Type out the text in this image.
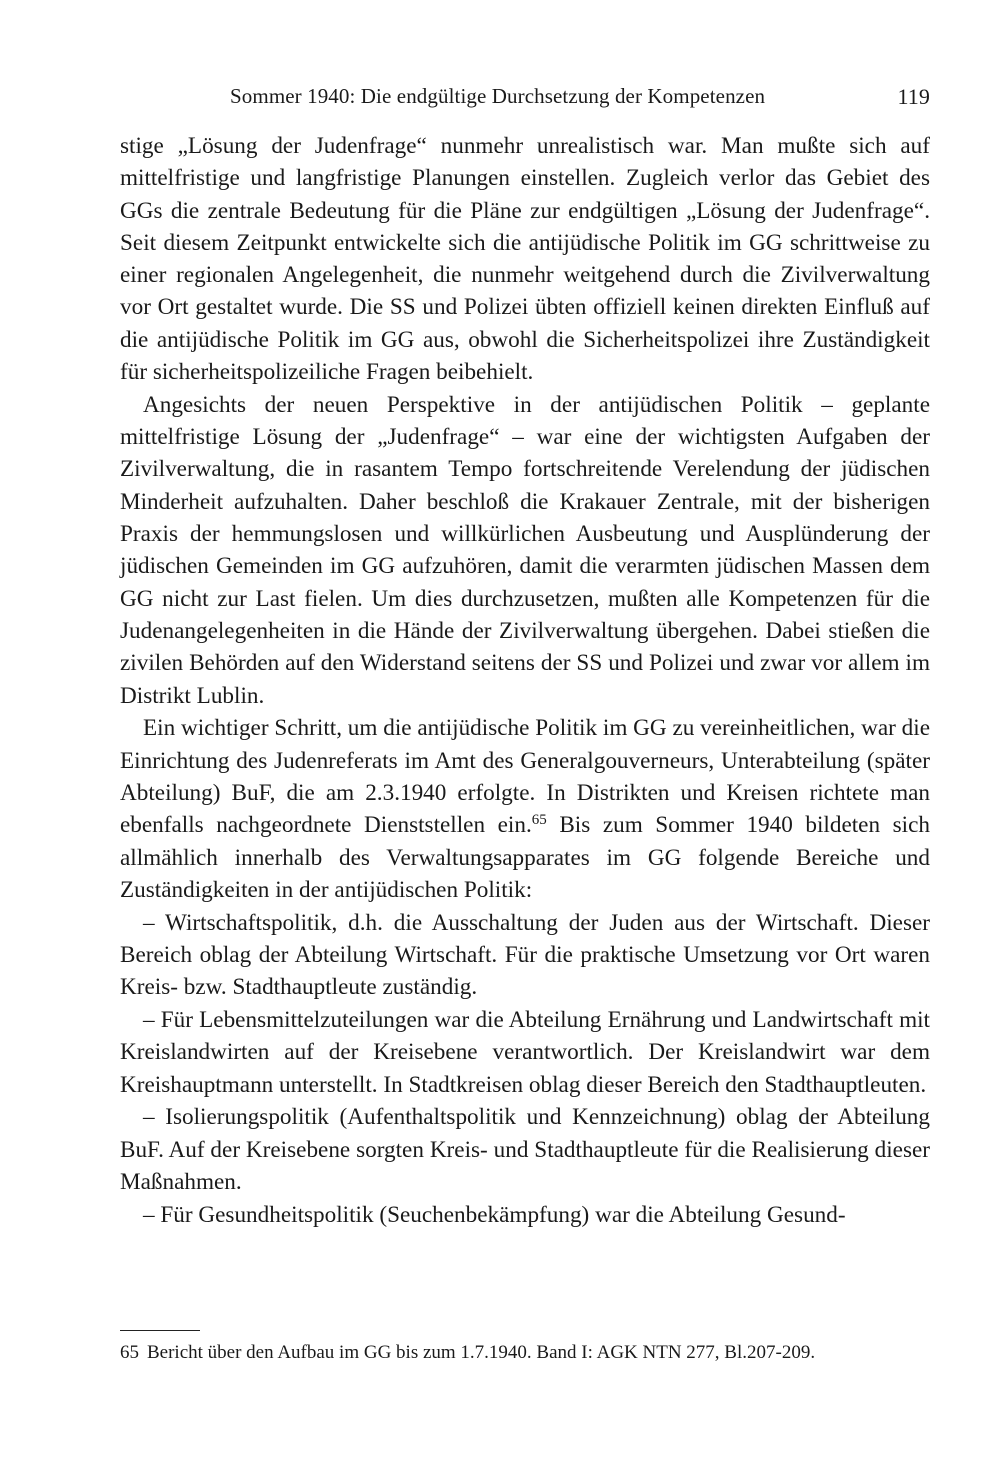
Sommer 1940: Die endgültige Durchsetzung der Kompetenzen	119

stige „Lösung der Judenfrage“ nunmehr unrealistisch war. Man mußte sich auf mittelfristige und langfristige Planungen einstellen. Zugleich verlor das Gebiet des GGs die zentrale Bedeutung für die Pläne zur endgültigen „Lösung der Judenfrage“. Seit diesem Zeitpunkt entwickelte sich die antijüdische Politik im GG schrittweise zu einer regionalen Angelegenheit, die nunmehr weitgehend durch die Zivilverwaltung vor Ort gestaltet wurde. Die SS und Polizei übten offiziell keinen direkten Einfluß auf die antijüdische Politik im GG aus, obwohl die Sicherheitspolizei ihre Zuständigkeit für sicherheitspolizeiliche Fragen beibehielt.

Angesichts der neuen Perspektive in der antijüdischen Politik – geplante mittelfristige Lösung der „Judenfrage“ – war eine der wichtigsten Aufgaben der Zivilverwaltung, die in rasantem Tempo fortschreitende Verelendung der jüdischen Minderheit aufzuhalten. Daher beschloß die Krakauer Zentrale, mit der bisherigen Praxis der hemmungslosen und willkürlichen Ausbeutung und Ausplünderung der jüdischen Gemeinden im GG aufzuhören, damit die verarmten jüdischen Massen dem GG nicht zur Last fielen. Um dies durchzusetzen, mußten alle Kompetenzen für die Judenangelegenheiten in die Hände der Zivilverwaltung übergehen. Dabei stießen die zivilen Behörden auf den Widerstand seitens der SS und Polizei und zwar vor allem im Distrikt Lublin.

Ein wichtiger Schritt, um die antijüdische Politik im GG zu vereinheitlichen, war die Einrichtung des Judenreferats im Amt des Generalgouverneurs, Unterabteilung (später Abteilung) BuF, die am 2.3.1940 erfolgte. In Distrikten und Kreisen richtete man ebenfalls nachgeordnete Dienststellen ein.$^{65}$ Bis zum Sommer 1940 bildeten sich allmählich innerhalb des Verwaltungsapparates im GG folgende Bereiche und Zuständigkeiten in der antijüdischen Politik:

– Wirtschaftspolitik, d.h. die Ausschaltung der Juden aus der Wirtschaft. Dieser Bereich oblag der Abteilung Wirtschaft. Für die praktische Umsetzung vor Ort waren Kreis- bzw. Stadthauptleute zuständig.

– Für Lebensmittelzuteilungen war die Abteilung Ernährung und Landwirtschaft mit Kreislandwirten auf der Kreisebene verantwortlich. Der Kreislandwirt war dem Kreishauptmann unterstellt. In Stadtkreisen oblag dieser Bereich den Stadthauptleuten.

– Isolierungspolitik (Aufenthaltspolitik und Kennzeichnung) oblag der Abteilung BuF. Auf der Kreisebene sorgten Kreis- und Stadthauptleute für die Realisierung dieser Maßnahmen.

– Für Gesundheitspolitik (Seuchenbekämpfung) war die Abteilung Gesund-

65 Bericht über den Aufbau im GG bis zum 1.7.1940. Band I: AGK NTN 277, Bl.207-209.
